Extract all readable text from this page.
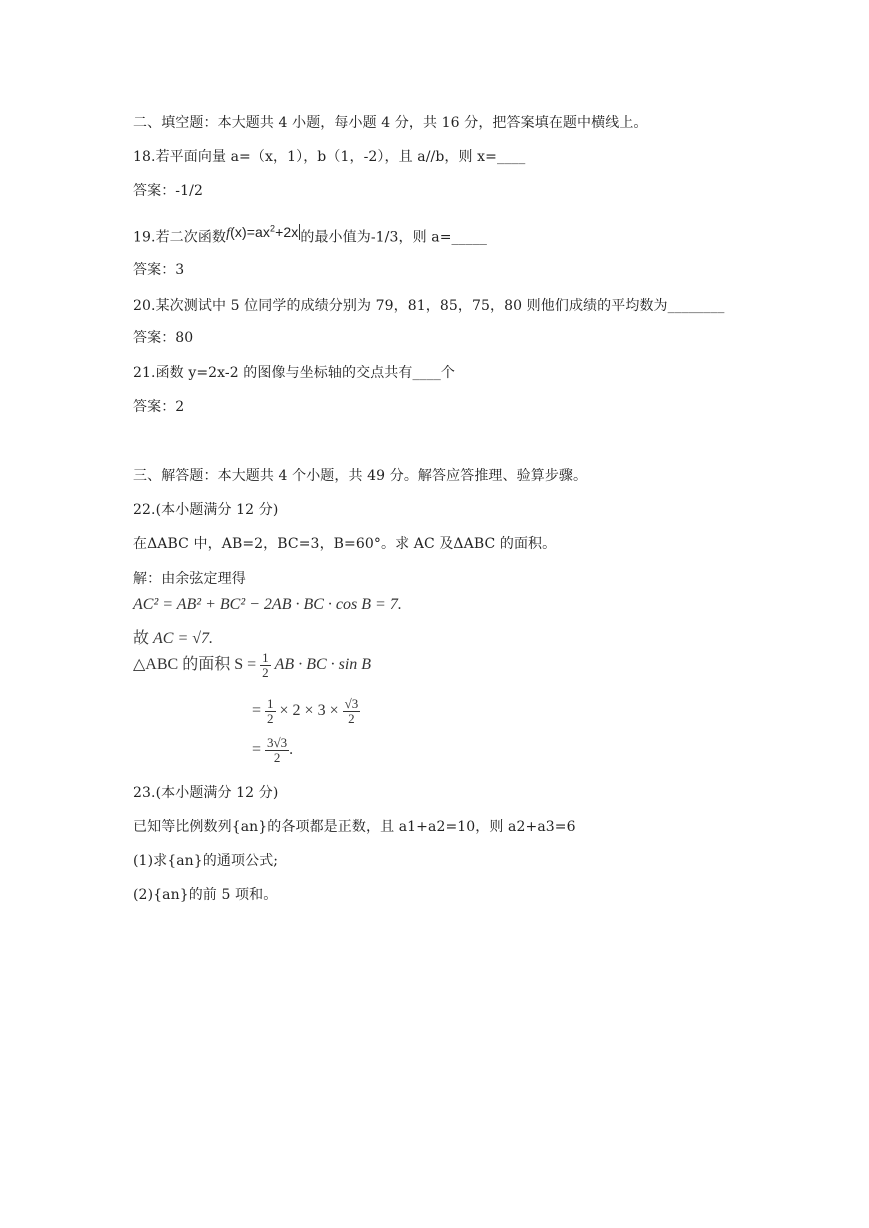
二、填空题：本大题共 4 小题，每小题 4 分，共 16 分，把答案填在题中横线上。
18.若平面向量 a=（x，1），b（1，-2），且 a//b，则 x=____
答案：-1/2
19.若二次函数$f(x)=ax^2+2x$ 的最小值为-1/3，则 a=_____
答案：3
20.某次测试中 5 位同学的成绩分别为 79，81，85，75，80 则他们成绩的平均数为________
答案：80
21.函数 y=2x-2 的图像与坐标轴的交点共有____个
答案：2
三、解答题：本大题共 4 个小题，共 49 分。解答应答推理、验算步骤。
22.(本小题满分 12 分)
在ΔABC 中，AB=2，BC=3，B=60°。求 AC 及ΔABC 的面积。
解：由余弦定理得
AC² = AB² + BC² − 2AB · BC · cos B = 7.
故 AC = √7.
△ABC 的面积 $S = \frac{1}{2}$ AB · BC · sin B
= $\frac{1}{2} \times 2 \times 3 \times \frac{√3}{2}$
= $\frac{3√3}{2}$ .
23.(本小题满分 12 分)
已知等比例数列{an}的各项都是正数，且 a1+a2=10，则 a2+a3=6
(1)求{an}的通项公式;
(2){an}的前 5 项和。
